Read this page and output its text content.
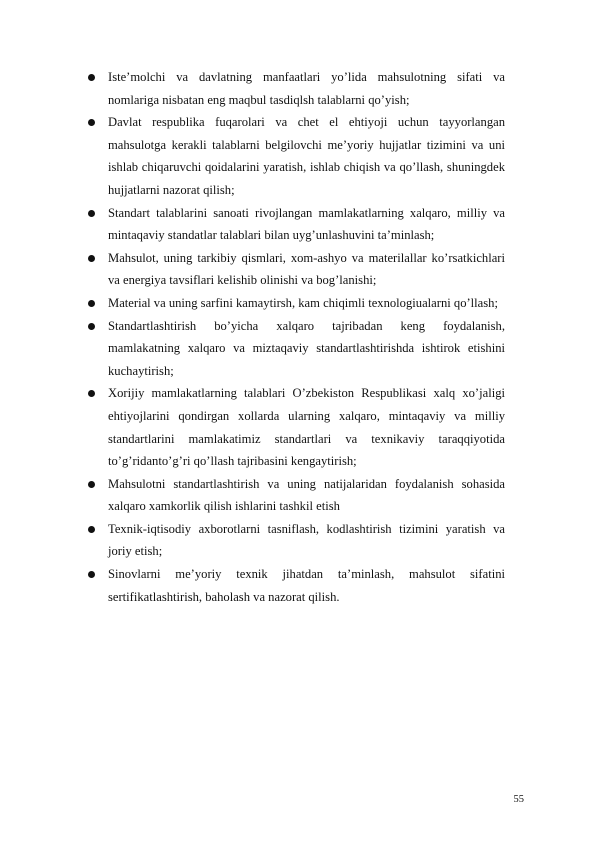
Iste’molchi va davlatning manfaatlari yo’lida mahsulotning sifati va nomlariga nisbatan eng maqbul tasdiqlsh talablarni qo’yish;
Davlat respublika fuqarolari va chet el ehtiyoji uchun tayyorlangan mahsulotga kerakli talablarni belgilovchi me’yoriy hujjatlar tizimini va uni ishlab chiqaruvchi qoidalarini yaratish, ishlab chiqish va qo’llash, shuningdek hujjatlarni nazorat qilish;
Standart talablarini sanoati rivojlangan mamlakatlarning xalqaro, milliy va mintaqaviy standatlar talablari bilan uyg’unlashuvini ta’minlash;
Mahsulot, uning tarkibiy qismlari, xom-ashyo va materilallar ko’rsatkichlari va energiya tavsiflari kelishib olinishi va bog’lanishi;
Material va uning sarfini kamaytirsh, kam chiqimli texnologiualarni qo’llash;
Standartlashtirish bo’yicha xalqaro tajribadan keng foydalanish, mamlakatning xalqaro va miztaqaviy standartlashtirishda ishtirok etishini kuchaytirish;
Xorijiy mamlakatlarning talablari O’zbekiston Respublikasi xalq xo’jaligi ehtiyojlarini qondirgan xollarda ularning xalqaro, mintaqaviy va milliy standartlarini mamlakatimiz standartlari va texnikaviy taraqqiyotida to’g’ridanto’g’ri qo’llash tajribasini kengaytirish;
Mahsulotni standartlashtirish va uning natijalaridan foydalanish sohasida xalqaro xamkorlik qilish ishlarini tashkil etish
Texnik-iqtisodiy axborotlarni tasniflash, kodlashtirish tizimini yaratish va joriy etish;
Sinovlarni me’yoriy texnik jihatdan ta’minlash, mahsulot sifatini sertifikatlashtirish, baholash va nazorat qilish.
55
